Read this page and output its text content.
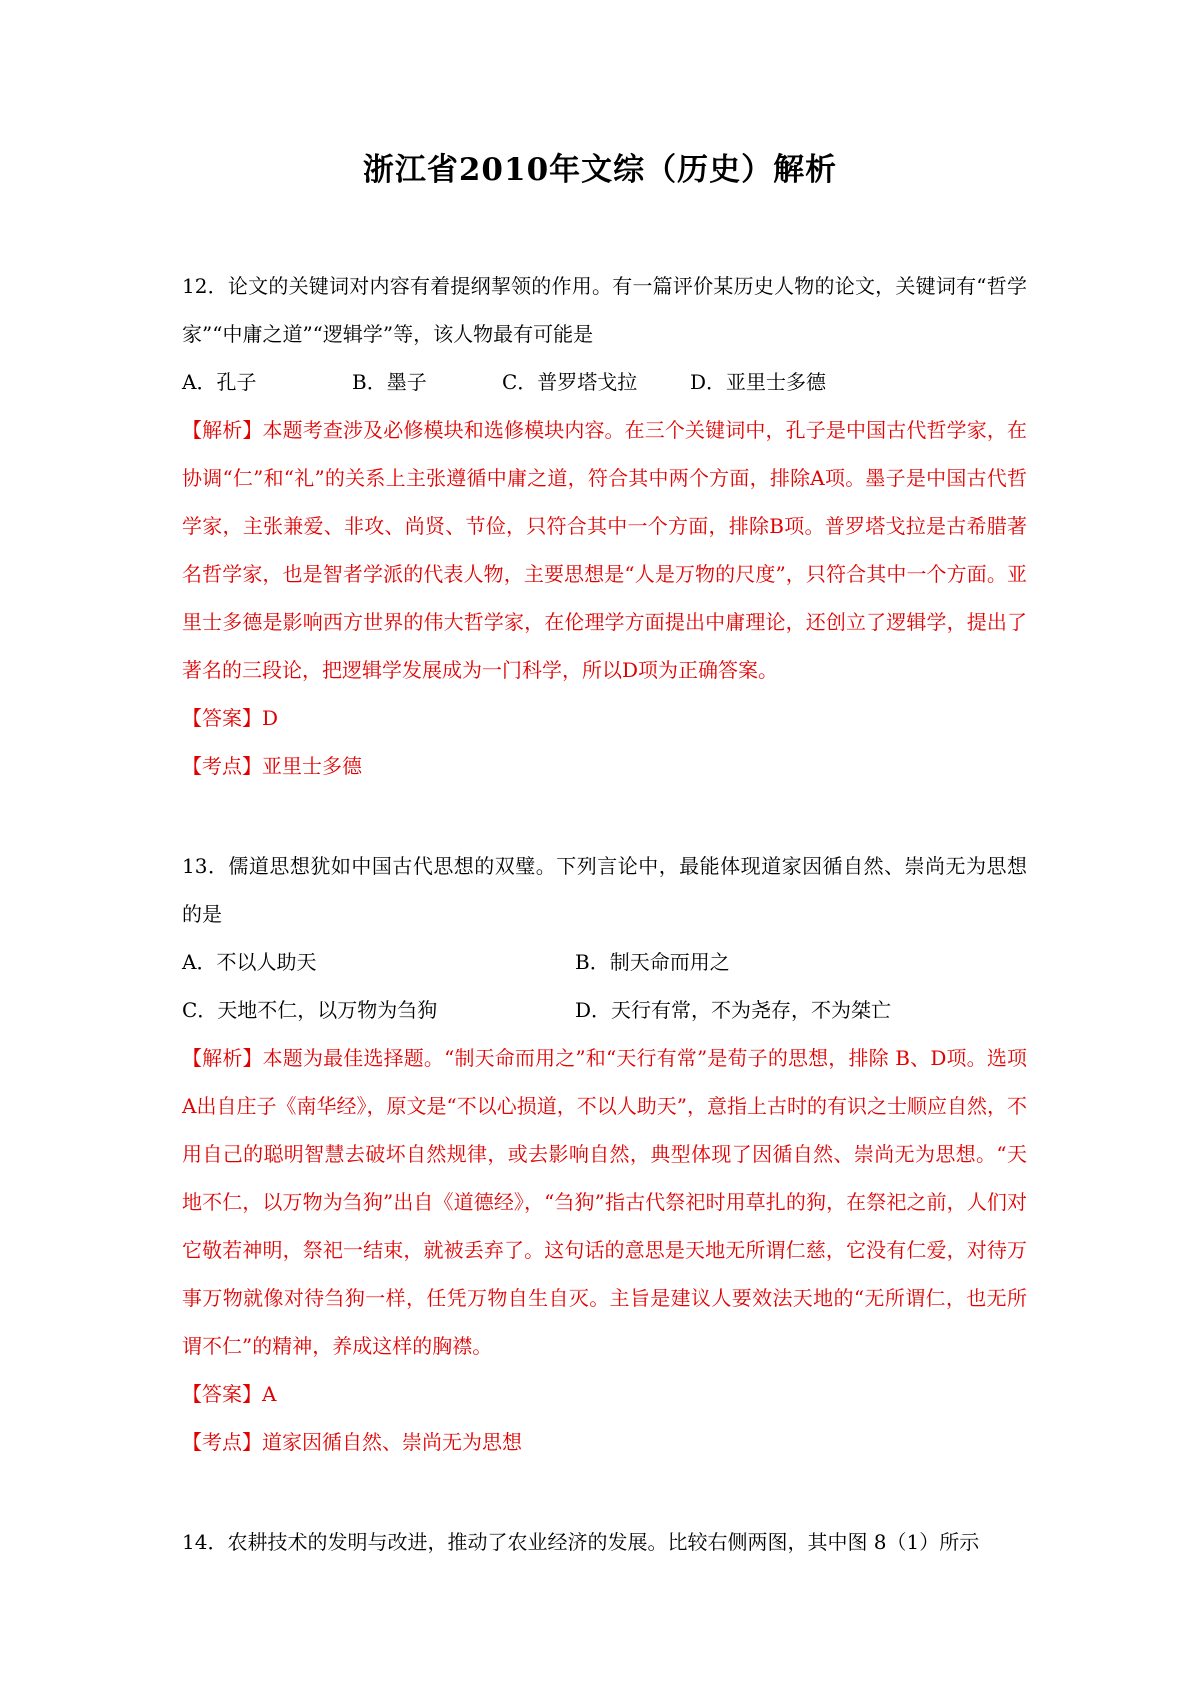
浙江省2010年文综（历史）解析
12．论文的关键词对内容有着提纲挈领的作用。有一篇评价某历史人物的论文，关键词有“哲学家”“中庸之道”“逻辑学”等，该人物最有可能是
A．孔子	B．墨子	C．普罗塔戈拉	D．亚里士多德
【解析】本题考查涉及必修模块和选修模块内容。在三个关键词中，孔子是中国古代哲学家，在协调“仁”和“礼”的关系上主张遵循中庸之道，符合其中两个方面，排除A项。墨子是中国古代哲学家，主张兼爱、非攻、尚贤、节俭，只符合其中一个方面，排除B项。普罗塔戈拉是古希腊著名哲学家，也是智者学派的代表人物，主要思想是“人是万物的尺度”，只符合其中一个方面。亚里士多德是影响西方世界的伟大哲学家，在伦理学方面提出中庸理论，还创立了逻辑学，提出了著名的三段论，把逻辑学发展成为一门科学，所以D项为正确答案。
【答案】D
【考点】亚里士多德
13．儒道思想犹如中国古代思想的双璧。下列言论中，最能体现道家因循自然、崇尚无为思想的是
A．不以人助天	B．制天命而用之
C．天地不仁，以万物为刍狗	D．天行有常，不为尧存，不为桀亡
【解析】本题为最佳选择题。“制天命而用之”和“天行有常”是荀子的思想，排除 B、D项。选项A出自庄子《南华经》，原文是“不以心损道，不以人助天”，意指上古时的有识之士顺应自然，不用自己的聪明智慧去破坏自然规律，或去影响自然，典型体现了因循自然、崇尚无为思想。“天地不仁，以万物为刍狗”出自《道德经》，“刍狗”指古代祭祀时用草扎的狗，在祭祀之前，人们对它敬若神明，祭祀一结束，就被丢弃了。这句话的意思是天地无所谓仁慈，它没有仁爱，对待万事万物就像对待刍狗一样，任凭万物自生自灭。主旨是建议人要效法天地的“无所谓仁，也无所谓不仁”的精神，养成这样的胸襟。
【答案】A
【考点】道家因循自然、崇尚无为思想
14．农耕技术的发明与改进，推动了农业经济的发展。比较右侧两图，其中图 8（1）所示
